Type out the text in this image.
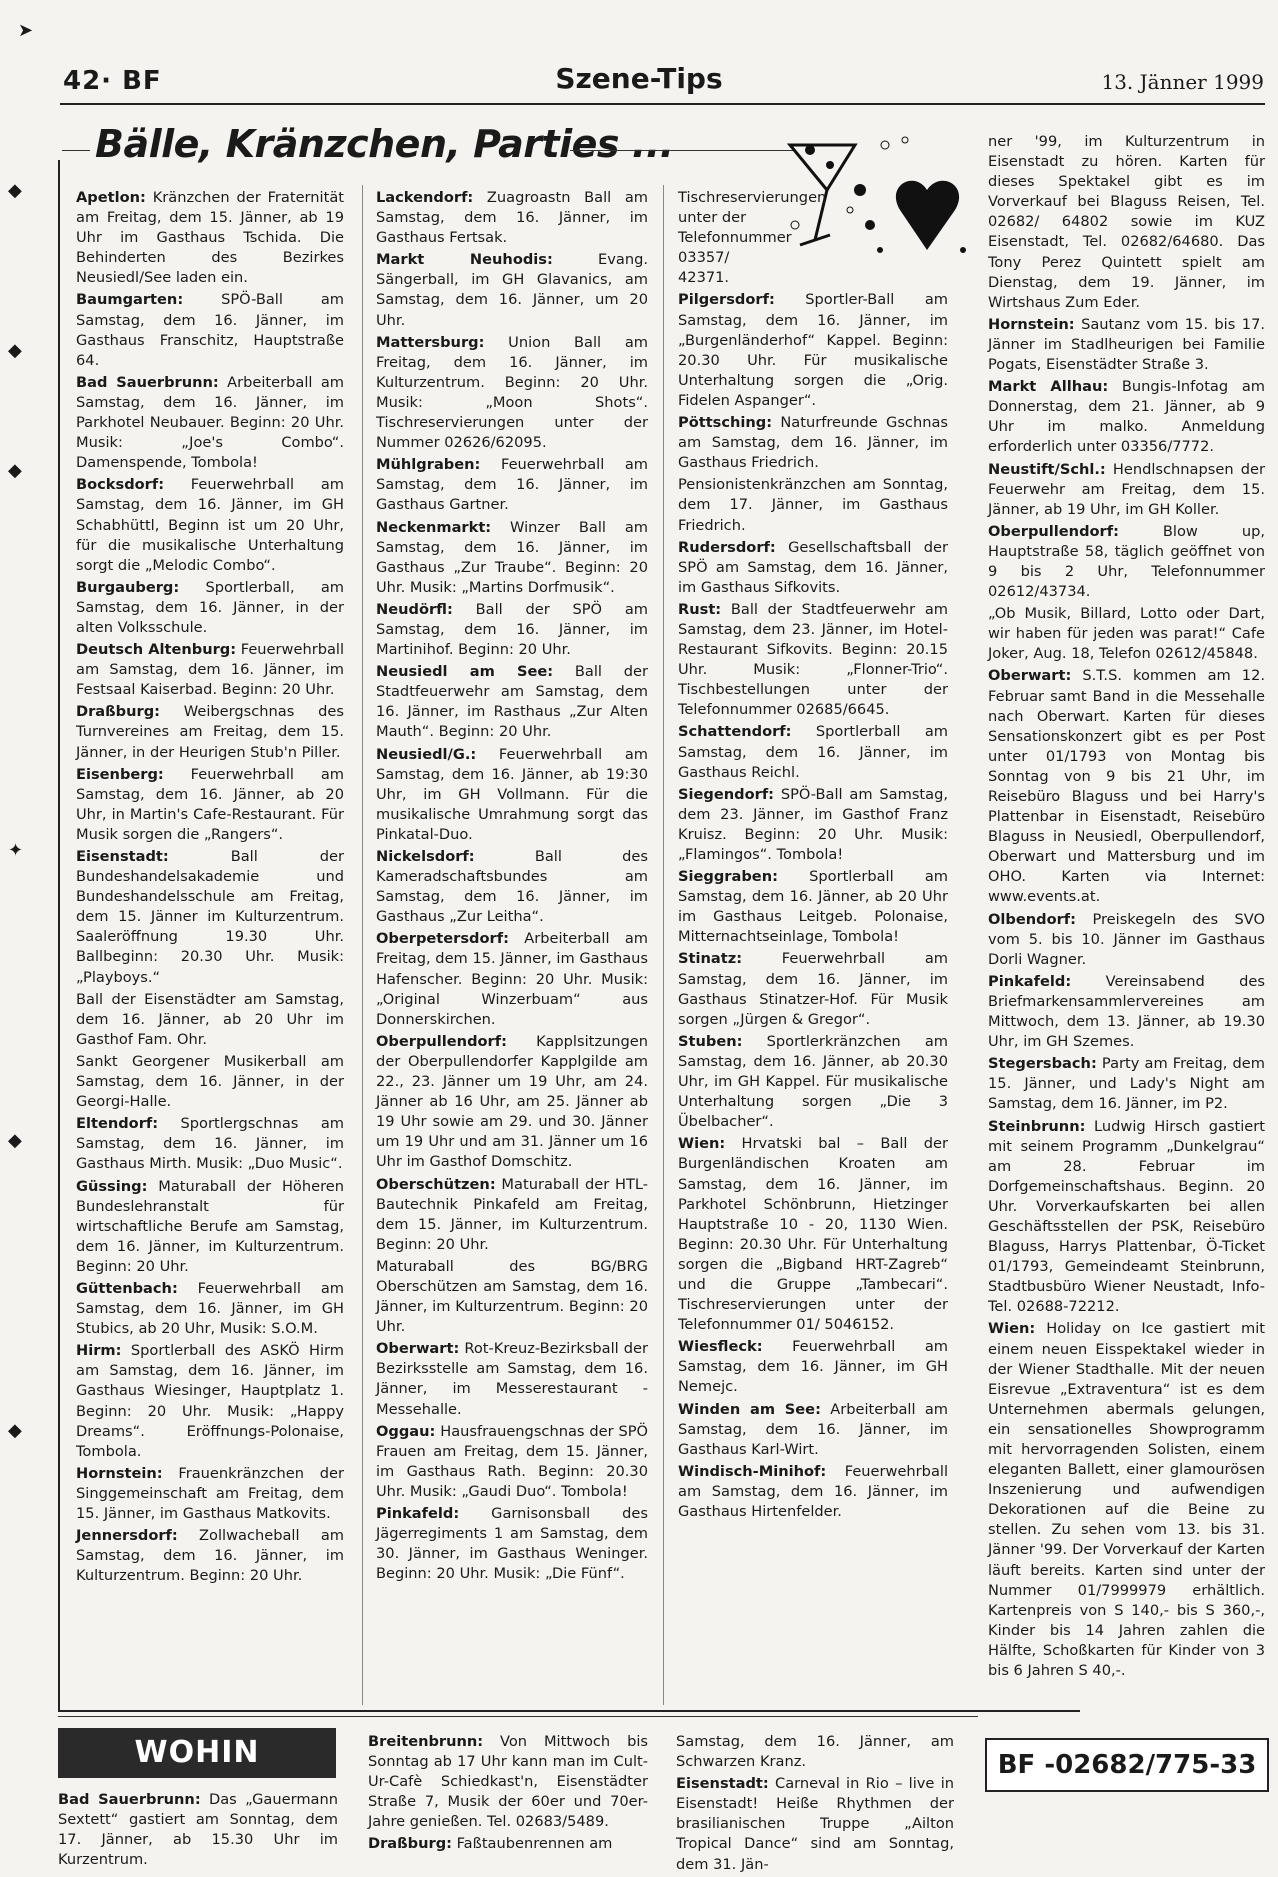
➤
◆
◆
◆
✦
◆
◆
42· BF	Szene-Tips	13. Jänner 1999
Bälle, Kränzchen, Parties ...

Apetlon: Kränzchen der Fraternität am Freitag, dem 15. Jänner, ab 19 Uhr im Gasthaus Tschida. Die Behinderten des Bezirkes Neusiedl/See laden ein.

Baumgarten: SPÖ-Ball am Samstag, dem 16. Jänner, im Gasthaus Franschitz, Hauptstraße 64.

Bad Sauerbrunn: Arbeiterball am Samstag, dem 16. Jänner, im Parkhotel Neubauer. Beginn: 20 Uhr. Musik: „Joe's Combo“. Damenspende, Tombola!

Bocksdorf: Feuerwehrball am Samstag, dem 16. Jänner, im GH Schabhüttl, Beginn ist um 20 Uhr, für die musikalische Unterhaltung sorgt die „Melodic Combo“.

Burgauberg: Sportlerball, am Samstag, dem 16. Jänner, in der alten Volksschule.

Deutsch Altenburg: Feuerwehrball am Samstag, dem 16. Jänner, im Festsaal Kaiserbad. Beginn: 20 Uhr.

Draßburg: Weibergschnas des Turnvereines am Freitag, dem 15. Jänner, in der Heurigen Stub'n Piller.

Eisenberg: Feuerwehrball am Samstag, dem 16. Jänner, ab 20 Uhr, in Martin's Cafe-Restaurant. Für Musik sorgen die „Rangers“.

Eisenstadt: Ball der Bundeshandelsakademie und Bundeshandelsschule am Freitag, dem 15. Jänner im Kulturzentrum. Saaleröffnung 19.30 Uhr. Ballbeginn: 20.30 Uhr. Musik: „Playboys.“

Ball der Eisenstädter am Samstag, dem 16. Jänner, ab 20 Uhr im Gasthof Fam. Ohr.

Sankt Georgener Musikerball am Samstag, dem 16. Jänner, in der Georgi-Halle.

Eltendorf: Sportlergschnas am Samstag, dem 16. Jänner, im Gasthaus Mirth. Musik: „Duo Music“.

Güssing: Maturaball der Höheren Bundeslehranstalt für wirtschaftliche Berufe am Samstag, dem 16. Jänner, im Kulturzentrum. Beginn: 20 Uhr.

Güttenbach: Feuerwehrball am Samstag, dem 16. Jänner, im GH Stubics, ab 20 Uhr, Musik: S.O.M.

Hirm: Sportlerball des ASKÖ Hirm am Samstag, dem 16. Jänner, im Gasthaus Wiesinger, Hauptplatz 1. Beginn: 20 Uhr. Musik: „Happy Dreams“. Eröffnungs-Polonaise, Tombola.

Hornstein: Frauenkränzchen der Singgemeinschaft am Freitag, dem 15. Jänner, im Gasthaus Matkovits.

Jennersdorf: Zollwacheball am Samstag, dem 16. Jänner, im Kulturzentrum. Beginn: 20 Uhr.

Lackendorf: Zuagroastn Ball am Samstag, dem 16. Jänner, im Gasthaus Fertsak.

Markt Neuhodis: Evang. Sängerball, im GH Glavanics, am Samstag, dem 16. Jänner, um 20 Uhr.

Mattersburg: Union Ball am Freitag, dem 16. Jänner, im Kulturzentrum. Beginn: 20 Uhr. Musik: „Moon Shots“. Tischreservierungen unter der Nummer 02626/62095.

Mühlgraben: Feuerwehrball am Samstag, dem 16. Jänner, im Gasthaus Gartner.

Neckenmarkt: Winzer Ball am Samstag, dem 16. Jänner, im Gasthaus „Zur Traube“. Beginn: 20 Uhr. Musik: „Martins Dorfmusik“.

Neudörfl: Ball der SPÖ am Samstag, dem 16. Jänner, im Martinihof. Beginn: 20 Uhr.

Neusiedl am See: Ball der Stadtfeuerwehr am Samstag, dem 16. Jänner, im Rasthaus „Zur Alten Mauth“. Beginn: 20 Uhr.

Neusiedl/G.: Feuerwehrball am Samstag, dem 16. Jänner, ab 19:30 Uhr, im GH Vollmann. Für die musikalische Umrahmung sorgt das Pinkatal-Duo.

Nickelsdorf: Ball des Kameradschaftsbundes am Samstag, dem 16. Jänner, im Gasthaus „Zur Leitha“.

Oberpetersdorf: Arbeiterball am Freitag, dem 15. Jänner, im Gasthaus Hafenscher. Beginn: 20 Uhr. Musik: „Original Winzerbuam“ aus Donnerskirchen.

Oberpullendorf: Kapplsitzungen der Oberpullendorfer Kapplgilde am 22., 23. Jänner um 19 Uhr, am 24. Jänner ab 16 Uhr, am 25. Jänner ab 19 Uhr sowie am 29. und 30. Jänner um 19 Uhr und am 31. Jänner um 16 Uhr im Gasthof Domschitz.

Oberschützen: Maturaball der HTL-Bautechnik Pinkafeld am Freitag, dem 15. Jänner, im Kulturzentrum. Beginn: 20 Uhr.

Maturaball des BG/BRG Oberschützen am Samstag, dem 16. Jänner, im Kulturzentrum. Beginn: 20 Uhr.

Oberwart: Rot-Kreuz-Bezirksball der Bezirksstelle am Samstag, dem 16. Jänner, im Messerestaurant - Messehalle.

Oggau: Hausfrauengschnas der SPÖ Frauen am Freitag, dem 15. Jänner, im Gasthaus Rath. Beginn: 20.30 Uhr. Musik: „Gaudi Duo“. Tombola!

Pinkafeld: Garnisonsball des Jägerregiments 1 am Samstag, dem 30. Jänner, im Gasthaus Weninger. Beginn: 20 Uhr. Musik: „Die Fünf“.

Tischreservierungen unter der Telefonnummer 03357/ 42371.

Pilgersdorf: Sportler-Ball am Samstag, dem 16. Jänner, im „Burgenländerhof“ Kappel. Beginn: 20.30 Uhr. Für musikalische Unterhaltung sorgen die „Orig. Fidelen Aspanger“.

Pöttsching: Naturfreunde Gschnas am Samstag, dem 16. Jänner, im Gasthaus Friedrich.

Pensionistenkränzchen am Sonntag, dem 17. Jänner, im Gasthaus Friedrich.

Rudersdorf: Gesellschaftsball der SPÖ am Samstag, dem 16. Jänner, im Gasthaus Sifkovits.

Rust: Ball der Stadtfeuerwehr am Samstag, dem 23. Jänner, im Hotel-Restaurant Sifkovits. Beginn: 20.15 Uhr. Musik: „Flonner-Trio“. Tischbestellungen unter der Telefonnummer 02685/6645.

Schattendorf: Sportlerball am Samstag, dem 16. Jänner, im Gasthaus Reichl.

Siegendorf: SPÖ-Ball am Samstag, dem 23. Jänner, im Gasthof Franz Kruisz. Beginn: 20 Uhr. Musik: „Flamingos“. Tombola!

Sieggraben: Sportlerball am Samstag, dem 16. Jänner, ab 20 Uhr im Gasthaus Leitgeb. Polonaise, Mitternachtseinlage, Tombola!

Stinatz: Feuerwehrball am Samstag, dem 16. Jänner, im Gasthaus Stinatzer-Hof. Für Musik sorgen „Jürgen & Gregor“.

Stuben: Sportlerkränzchen am Samstag, dem 16. Jänner, ab 20.30 Uhr, im GH Kappel. Für musikalische Unterhaltung sorgen „Die 3 Übelbacher“.

Wien: Hrvatski bal – Ball der Burgenländischen Kroaten am Samstag, dem 16. Jänner, im Parkhotel Schönbrunn, Hietzinger Hauptstraße 10 - 20, 1130 Wien. Beginn: 20.30 Uhr. Für Unterhaltung sorgen die „Bigband HRT-Zagreb“ und die Gruppe „Tambecari“. Tischreservierungen unter der Telefonnummer 01/ 5046152.

Wiesfleck: Feuerwehrball am Samstag, dem 16. Jänner, im GH Nemejc.

Winden am See: Arbeiterball am Samstag, dem 16. Jänner, im Gasthaus Karl-Wirt.

Windisch-Minihof: Feuerwehrball am Samstag, dem 16. Jänner, im Gasthaus Hirtenfelder.

ner '99, im Kulturzentrum in Eisenstadt zu hören. Karten für dieses Spektakel gibt es im Vorverkauf bei Blaguss Reisen, Tel. 02682/ 64802 sowie im KUZ Eisenstadt, Tel. 02682/64680. Das Tony Perez Quintett spielt am Dienstag, dem 19. Jänner, im Wirtshaus Zum Eder.

Hornstein: Sautanz vom 15. bis 17. Jänner im Stadlheurigen bei Familie Pogats, Eisenstädter Straße 3.

Markt Allhau: Bungis-Infotag am Donnerstag, dem 21. Jänner, ab 9 Uhr im malko. Anmeldung erforderlich unter 03356/7772.

Neustift/Schl.: Hendlschnapsen der Feuerwehr am Freitag, dem 15. Jänner, ab 19 Uhr, im GH Koller.

Oberpullendorf: Blow up, Hauptstraße 58, täglich geöffnet von 9 bis 2 Uhr, Telefonnummer 02612/43734.

„Ob Musik, Billard, Lotto oder Dart, wir haben für jeden was parat!“ Cafe Joker, Aug. 18, Telefon 02612/45848.

Oberwart: S.T.S. kommen am 12. Februar samt Band in die Messehalle nach Oberwart. Karten für dieses Sensationskonzert gibt es per Post unter 01/1793 von Montag bis Sonntag von 9 bis 21 Uhr, im Reisebüro Blaguss und bei Harry's Plattenbar in Eisenstadt, Reisebüro Blaguss in Neusiedl, Oberpullendorf, Oberwart und Mattersburg und im OHO. Karten via Internet: www.events.at.

Olbendorf: Preiskegeln des SVO vom 5. bis 10. Jänner im Gasthaus Dorli Wagner.

Pinkafeld: Vereinsabend des Briefmarkensammlervereines am Mittwoch, dem 13. Jänner, ab 19.30 Uhr, im GH Szemes.

Stegersbach: Party am Freitag, dem 15. Jänner, und Lady's Night am Samstag, dem 16. Jänner, im P2.

Steinbrunn: Ludwig Hirsch gastiert mit seinem Programm „Dunkelgrau“ am 28. Februar im Dorfgemeinschaftshaus. Beginn. 20 Uhr. Vorverkaufskarten bei allen Geschäftsstellen der PSK, Reisebüro Blaguss, Harrys Plattenbar, Ö-Ticket 01/1793, Gemeindeamt Steinbrunn, Stadtbusbüro Wiener Neustadt, Info-Tel. 02688-72212.

Wien: Holiday on Ice gastiert mit einem neuen Eisspektakel wieder in der Wiener Stadthalle. Mit der neuen Eisrevue „Extraventura“ ist es dem Unternehmen abermals gelungen, ein sensationelles Showprogramm mit hervorragenden Solisten, einem eleganten Ballett, einer glamourösen Inszenierung und aufwendigen Dekorationen auf die Beine zu stellen. Zu sehen vom 13. bis 31. Jänner '99. Der Vorverkauf der Karten läuft bereits. Karten sind unter der Nummer 01/7999979 erhältlich. Kartenpreis von S 140,- bis S 360,-, Kinder bis 14 Jahren zahlen die Hälfte, Schoßkarten für Kinder von 3 bis 6 Jahren S 40,-.

WOHIN

Bad Sauerbrunn: Das „Gauermann Sextett“ gastiert am Sonntag, dem 17. Jänner, ab 15.30 Uhr im Kurzentrum.

Breitenbrunn: Von Mittwoch bis Sonntag ab 17 Uhr kann man im Cult-Ur-Cafè Schiedkast'n, Eisenstädter Straße 7, Musik der 60er und 70er-Jahre genießen. Tel. 02683/5489.

Draßburg: Faßtaubenrennen am

Samstag, dem 16. Jänner, am Schwarzen Kranz.

Eisenstadt: Carneval in Rio – live in Eisenstadt! Heiße Rhythmen der brasilianischen Truppe „Ailton Tropical Dance“ sind am Sonntag, dem 31. Jän-

BF -02682/775-33
